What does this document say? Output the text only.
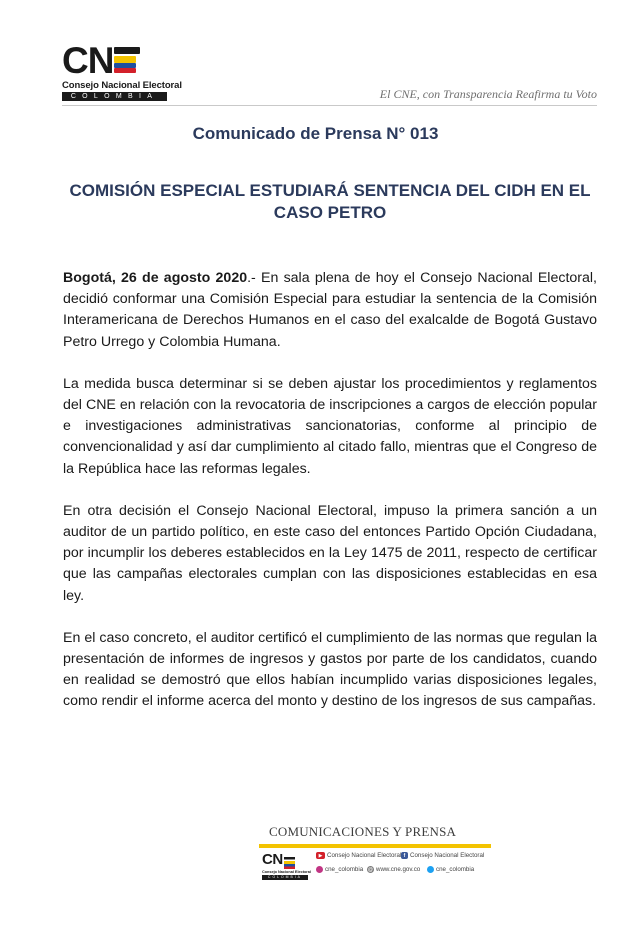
CN
Consejo Nacional Electoral
COLOMBIA	El CNE, con Transparencia Reafirma tu Voto
Comunicado de Prensa N° 013
COMISIÓN ESPECIAL ESTUDIARÁ SENTENCIA DEL CIDH EN EL CASO PETRO

Bogotá, 26 de agosto 2020.- En sala plena de hoy el Consejo Nacional Electoral, decidió conformar una Comisión Especial para estudiar la sentencia de la Comisión Interamericana de Derechos Humanos en el caso del exalcalde de Bogotá Gustavo Petro Urrego y Colombia Humana.

La medida busca determinar si se deben ajustar los procedimientos y reglamentos del CNE en relación con la revocatoria de inscripciones a cargos de elección popular e investigaciones administrativas sancionatorias, conforme al principio de convencionalidad y así dar cumplimiento al citado fallo, mientras que el Congreso de la República hace las reformas legales.

En otra decisión el Consejo Nacional Electoral, impuso la primera sanción a un auditor de un partido político, en este caso del entonces Partido Opción Ciudadana, por incumplir los deberes establecidos en la Ley 1475 de 2011, respecto de certificar que las campañas electorales cumplan con las disposiciones establecidas en esa ley.

En el caso concreto, el auditor certificó el cumplimiento de las normas que regulan la presentación de informes de ingresos y gastos por parte de los candidatos, cuando en realidad se demostró que ellos habían incumplido varias disposiciones legales, como rendir el informe acerca del monto y destino de los ingresos de sus campañas.

COMUNICACIONES Y PRENSA
CN
Consejo Nacional Electoral
COLOMBIA
▶ Consejo Nacional Electoral f Consejo Nacional Electoral
cne_colombia @ www.cne.gov.co	cne_colombia
